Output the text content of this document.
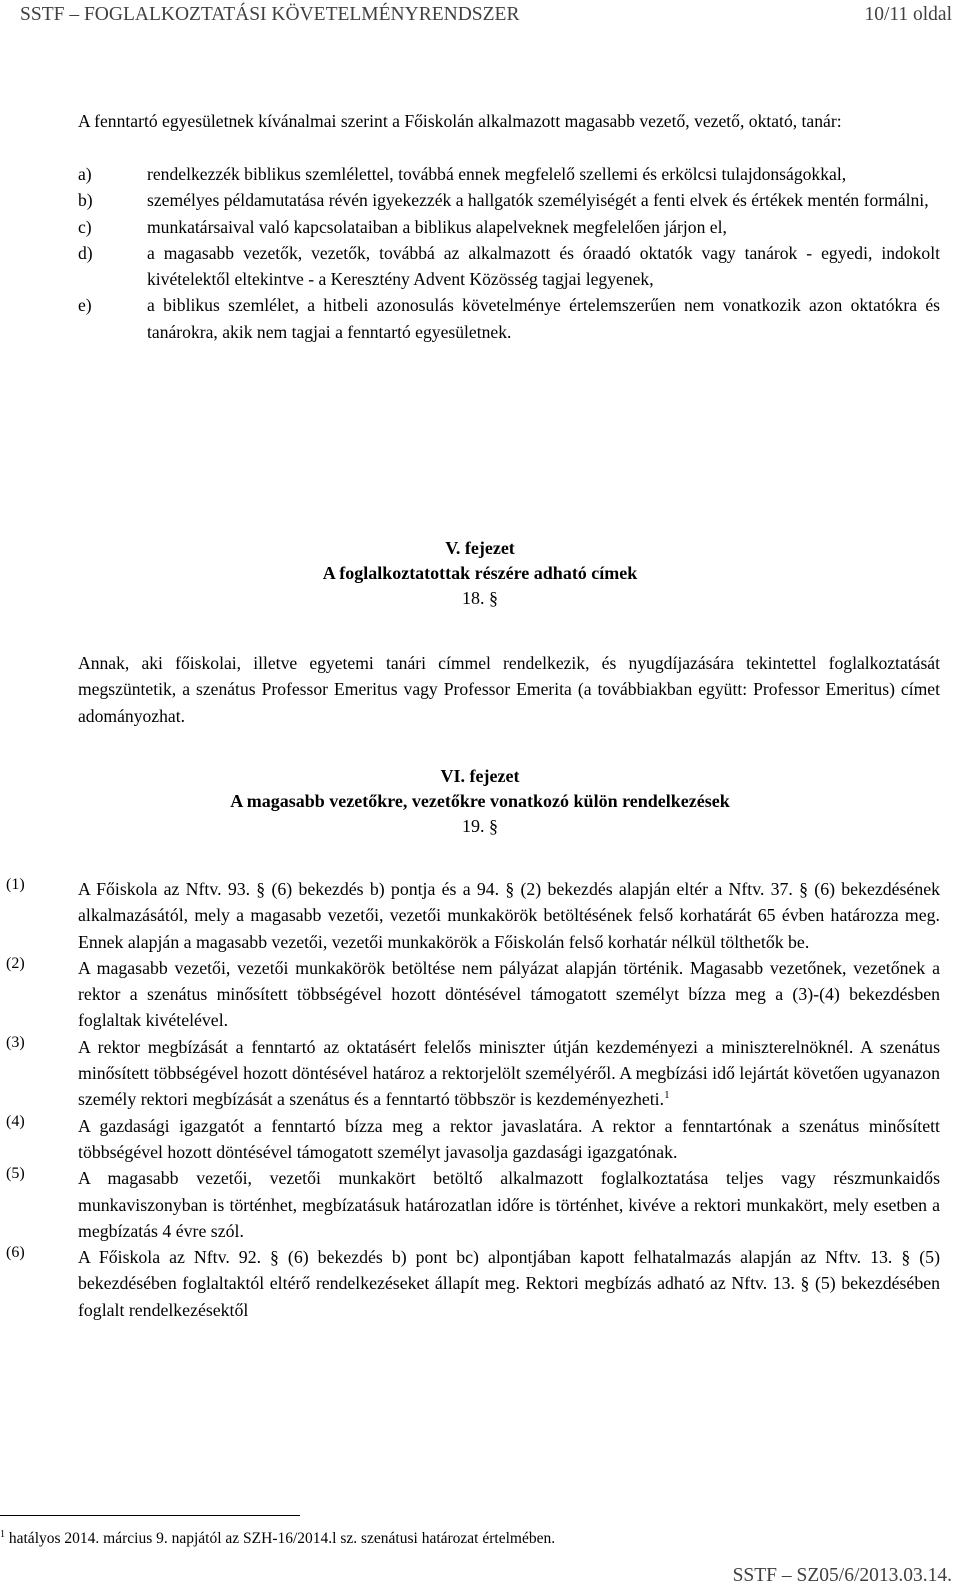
SSTF – FOGLALKOZTATÁSI KÖVETELMÉNYRENDSZER	10/11 oldal

A fenntartó egyesületnek kívánalmai szerint a Főiskolán alkalmazott magasabb vezető, vezető, oktató, tanár:

a)	rendelkezzék biblikus szemlélettel, továbbá ennek megfelelő szellemi és erkölcsi tulajdonságokkal,
b)	személyes példamutatása révén igyekezzék a hallgatók személyiségét a fenti elvek és értékek mentén formálni,
c)	munkatársaival való kapcsolataiban a biblikus alapelveknek megfelelően járjon el,
d)	a magasabb vezetők, vezetők, továbbá az alkalmazott és óraadó oktatók vagy tanárok - egyedi, indokolt kivételektől eltekintve - a Keresztény Advent Közösség tagjai legyenek,
e)	a biblikus szemlélet, a hitbeli azonosulás követelménye értelemszerűen nem vonatkozik azon oktatókra és tanárokra, akik nem tagjai a fenntartó egyesületnek.
V. fejezet
A foglalkoztatottak részére adható címek
18. §
Annak, aki főiskolai, illetve egyetemi tanári címmel rendelkezik, és nyugdíjazására tekintettel foglalkoztatását megszüntetik, a szenátus Professor Emeritus vagy Professor Emerita (a továbbiakban együtt: Professor Emeritus) címet adományozhat.
VI. fejezet
A magasabb vezetőkre, vezetőkre vonatkozó külön rendelkezések
19. §
(1)	A Főiskola az Nftv. 93. § (6) bekezdés b) pontja és a 94. § (2) bekezdés alapján eltér a Nftv. 37. § (6) bekezdésének alkalmazásától, mely a magasabb vezetői, vezetői munkakörök betöltésének felső korhatárát 65 évben határozza meg. Ennek alapján a magasabb vezetői, vezetői munkakörök a Főiskolán felső korhatár nélkül tölthetők be.
(2)	A magasabb vezetői, vezetői munkakörök betöltése nem pályázat alapján történik. Magasabb vezetőnek, vezetőnek a rektor a szenátus minősített többségével hozott döntésével támogatott személyt bízza meg a (3)-(4) bekezdésben foglaltak kivételével.
(3)	A rektor megbízását a fenntartó az oktatásért felelős miniszter útján kezdeményezi a miniszterelnöknél. A szenátus minősített többségével hozott döntésével határoz a rektorjelölt személyéről. A megbízási idő lejártát követően ugyanazon személy rektori megbízását a szenátus és a fenntartó többször is kezdeményezheti.$^1$
(4)	A gazdasági igazgatót a fenntartó bízza meg a rektor javaslatára. A rektor a fenntartónak a szenátus minősített többségével hozott döntésével támogatott személyt javasolja gazdasági igazgatónak.
(5)	A magasabb vezetői, vezetői munkakört betöltő alkalmazott foglalkoztatása teljes vagy részmunkaidős munkaviszonyban is történhet, megbízatásuk határozatlan időre is történhet, kivéve a rektori munkakört, mely esetben a megbízatás 4 évre szól.
(6)	A Főiskola az Nftv. 92. § (6) bekezdés b) pont bc) alpontjában kapott felhatalmazás alapján az Nftv. 13. § (5) bekezdésében foglaltaktól eltérő rendelkezéseket állapít meg. Rektori megbízás adható az Nftv. 13. § (5) bekezdésében foglalt rendelkezésektől
$^1$ hatályos 2014. március 9. napjától az SZH-16/2014.l sz. szenátusi határozat értelmében.
SSTF – SZ05/6/2013.03.14.
